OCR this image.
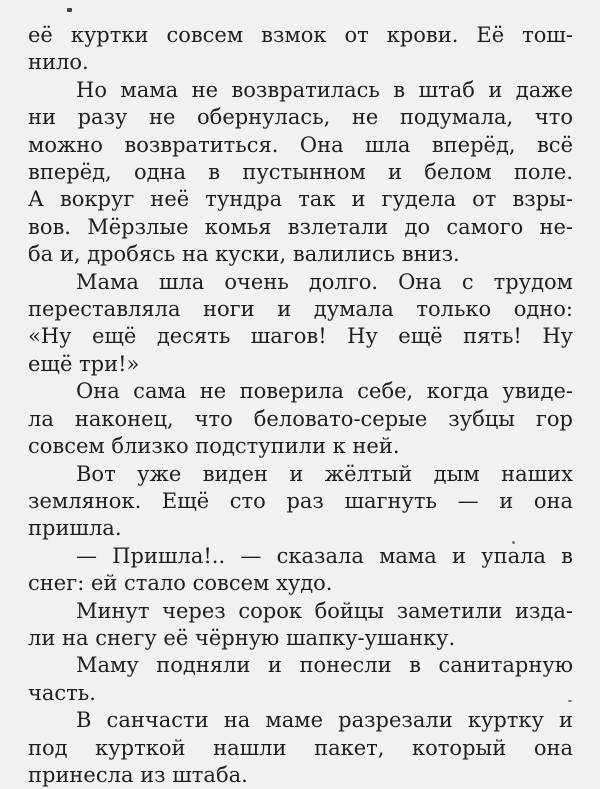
её куртки совсем взмок от крови. Её тош-
нило.
Но мама не возвратилась в штаб и даже
ни разу не обернулась, не подумала, что
можно возвратиться. Она шла вперёд, всё
вперёд, одна в пустынном и белом поле.
А вокруг неё тундра так и гудела от взры-
вов. Мёрзлые комья взлетали до самого не-
ба и, дробясь на куски, валились вниз.
Мама шла очень долго. Она с трудом
переставляла ноги и думала только одно:
«Ну ещё десять шагов! Ну ещё пять! Ну
ещё три!»
Она сама не поверила себе, когда увиде-
ла наконец, что беловато-серые зубцы гор
совсем близко подступили к ней.
Вот уже виден и жёлтый дым наших
землянок. Ещё сто раз шагнуть — и она
пришла.
— Пришла!.. — сказала мама и упала в
снег: ей стало совсем худо.
Минут через сорок бойцы заметили изда-
ли на снегу её чёрную шапку-ушанку.
Маму подняли и понесли в санитарную
часть.
В санчасти на маме разрезали куртку и
под курткой нашли пакет, который она
принесла из штаба.
